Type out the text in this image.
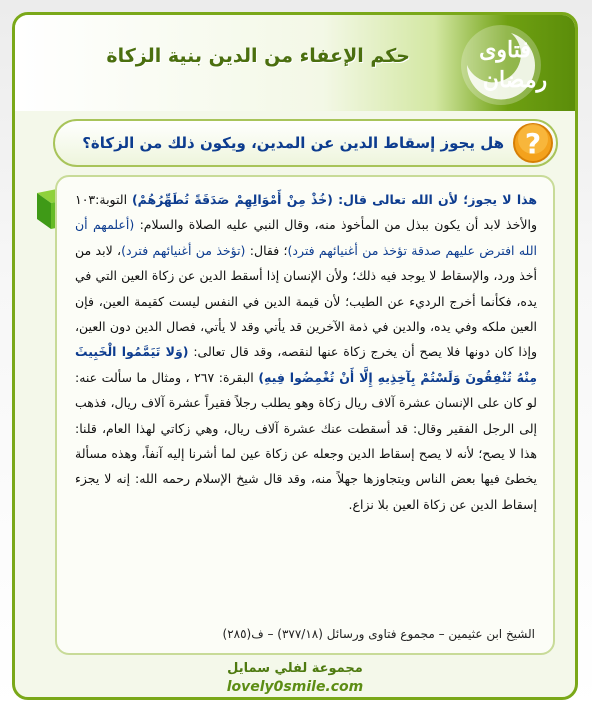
حكم الإعفاء من الدين بنية الزكاة	فتاوى
رمضان
هل يجوز إسقاط الدين عن المدين، ويكون ذلك من الزكاة؟ ?
هذا لا يجوز؛ لأن الله تعالى قال: (خُذْ مِنْ أَمْوَالِهِمْ صَدَقَةً تُطَهِّرُهُمْ) التوبة:١٠٣ والأخذ لابد أن يكون ببذل من المأخوذ منه، وقال النبي عليه الصلاة والسلام: (أعلمهم أن الله افترض عليهم صدقة تؤخذ من أغنيائهم فترد)؛ فقال: (تؤخذ من أغنيائهم فترد)، لابد من أخذ ورد، والإسقاط لا يوجد فيه ذلك؛ ولأن الإنسان إذا أسقط الدين عن زكاة العين التي في يده، فكأنما أخرج الرديء عن الطيب؛ لأن قيمة الدين في النفس ليست كقيمة العين، فإن العين ملكه وفي يده، والدين في ذمة الآخرين قد يأتي وقد لا يأتي، فصال الدين دون العين، وإذا كان دونها فلا يصح أن يخرج زكاة عنها لنقصه، وقد قال تعالى: (وَلا تَيَمَّمُوا الْخَبِيثَ مِنْهُ تُنْفِقُونَ وَلَسْتُمْ بِآخِذِيهِ إِلَّا أَنْ تُغْمِضُوا فِيهِ) البقرة: ٢٦٧ ، ومثال ما سألت عنه: لو كان على الإنسان عشرة آلاف ريال زكاة وهو يطلب رجلاً فقيراً عشرة آلاف ريال، فذهب إلى الرجل الفقير وقال: قد أسقطت عنك عشرة آلاف ريال، وهي زكاتي لهذا العام، قلنا: هذا لا يصح؛ لأنه لا يصح إسقاط الدين وجعله عن زكاة عين لما أشرنا إليه آنفاً، وهذه مسألة يخطئ فيها بعض الناس ويتجاوزها جهلاً منه، وقد قال شيخ الإسلام رحمه الله: إنه لا يجزء إسقاط الدين عن زكاة العين بلا نزاع.
الشيخ ابن عثيمين – مجموع فتاوى ورسائل (٣٧٧/١٨) – ف(٢٨٥)
مجموعة لفلي سمايل
lovely0smile.com
